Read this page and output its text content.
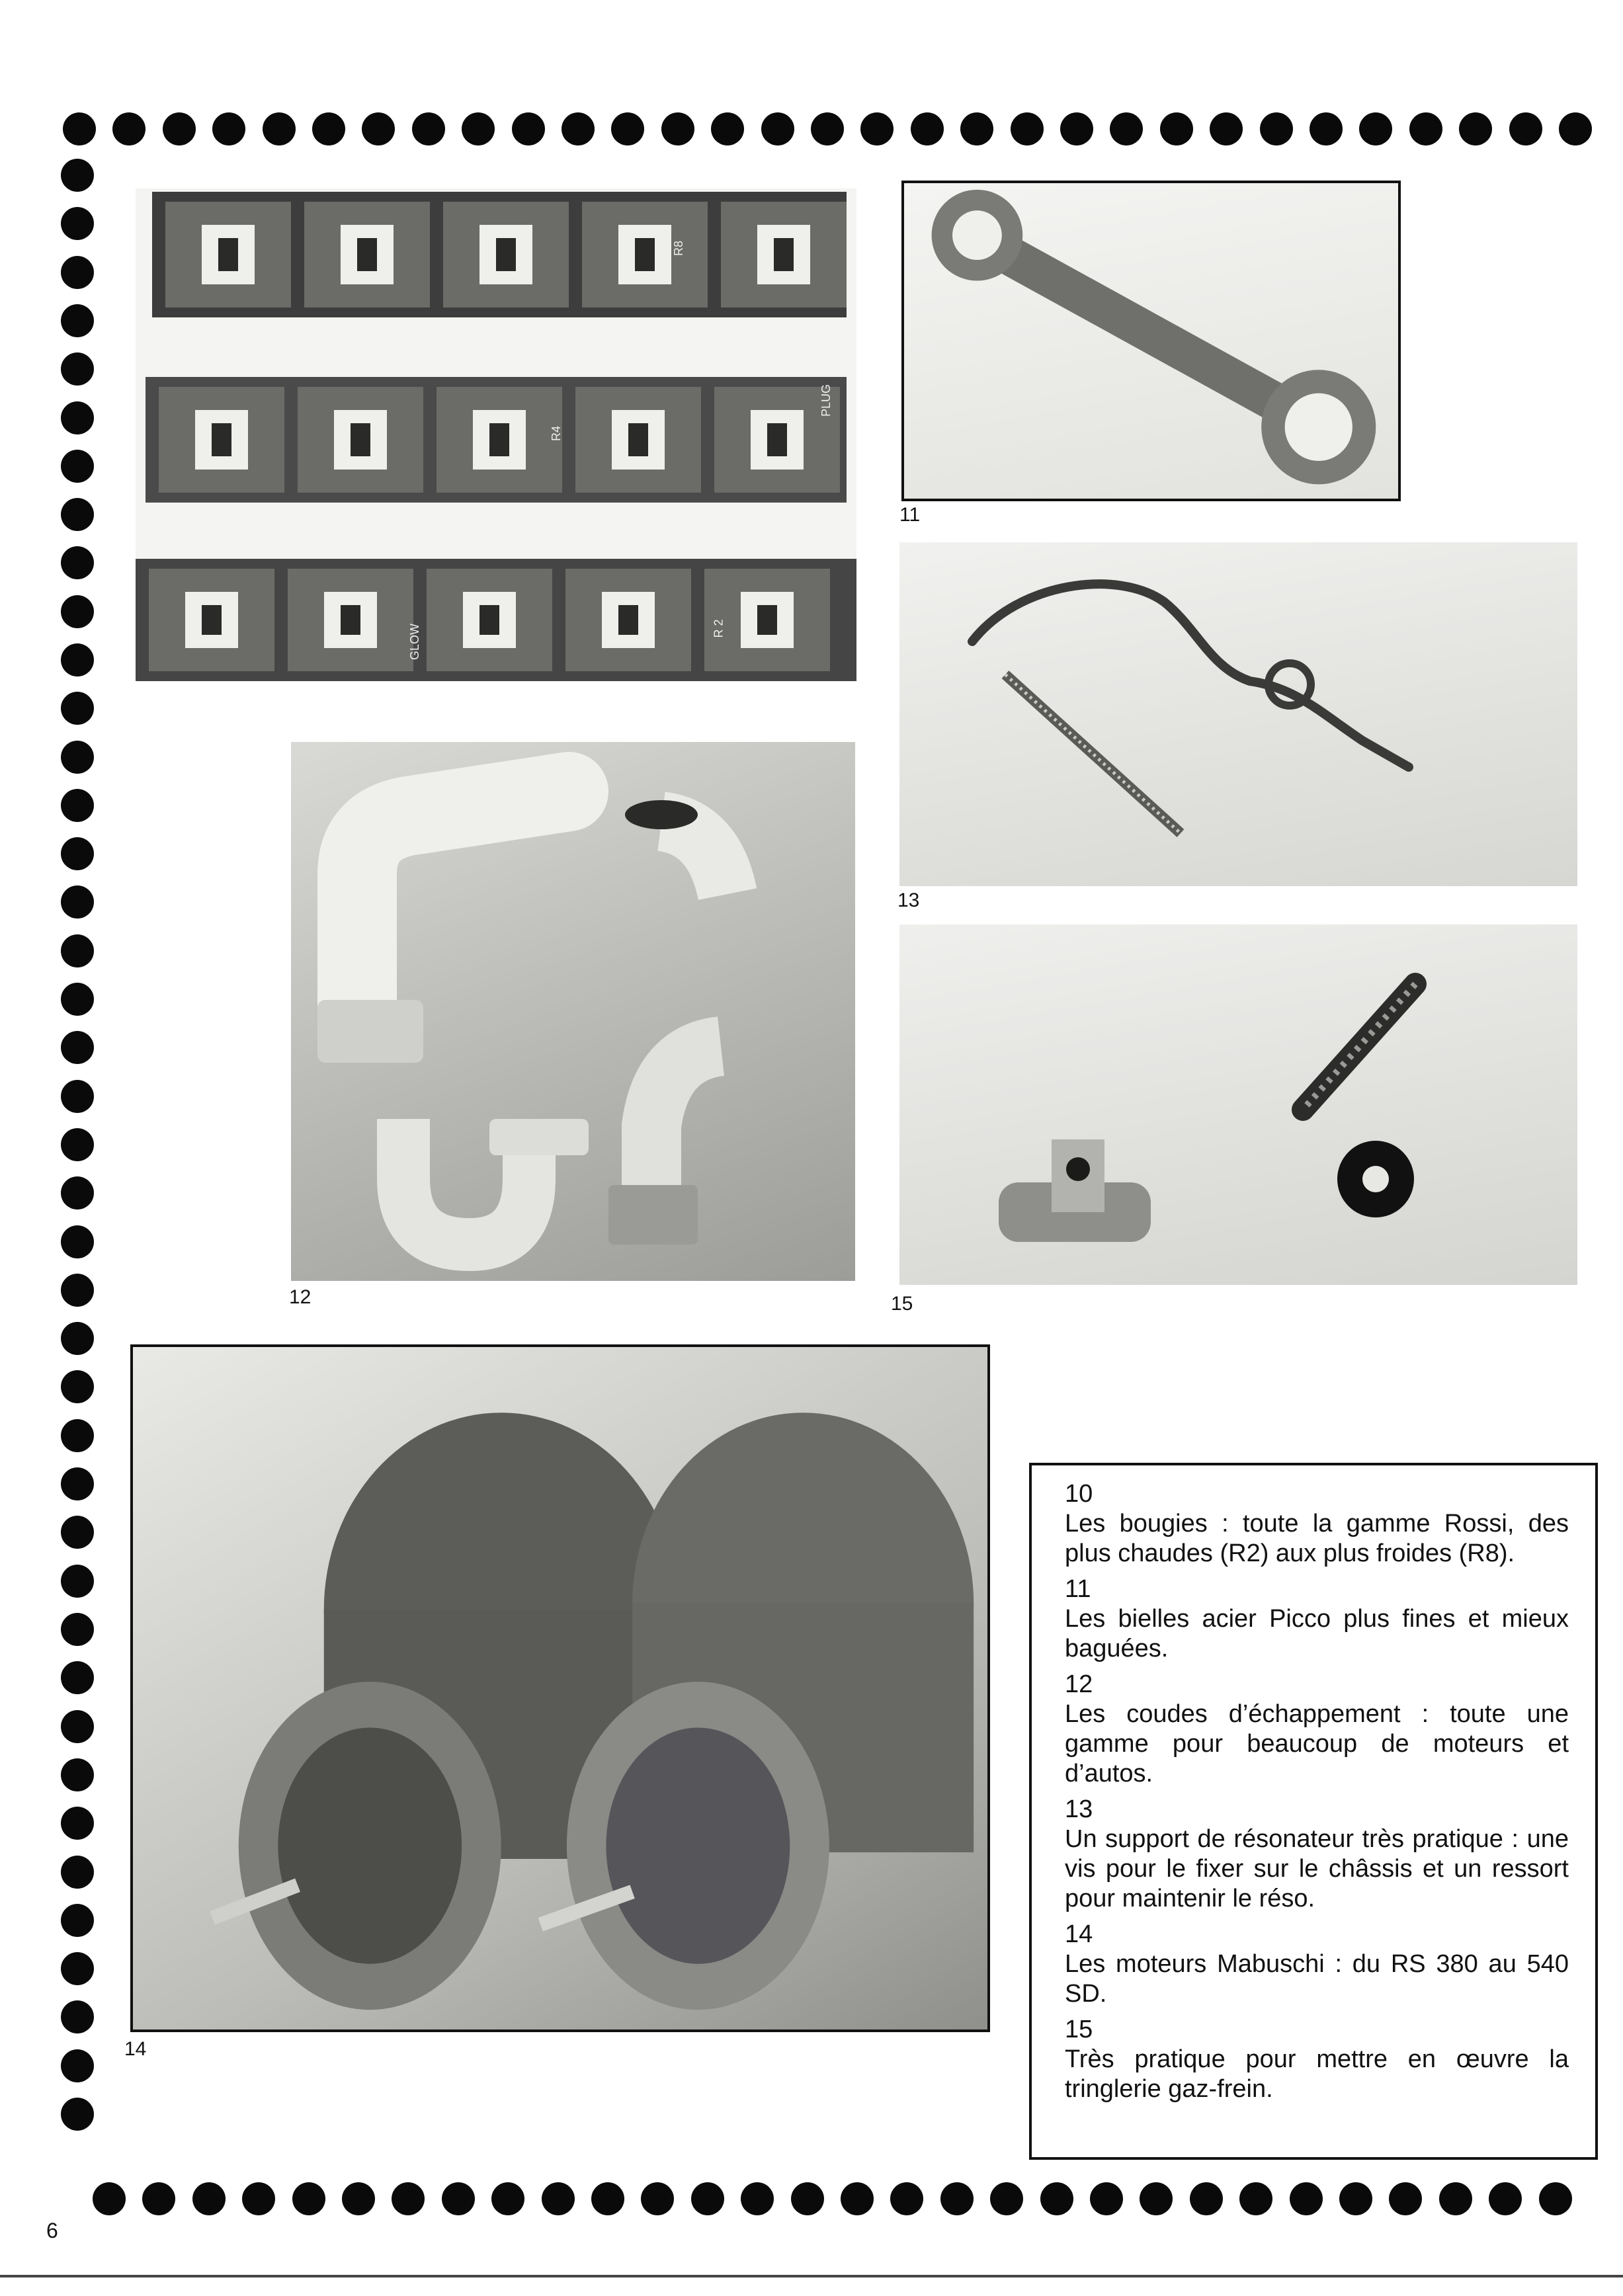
GLOW
PLUG
R 2
R4
R8
11
13
12	15
14
10
Les bougies : toute la gamme Rossi, des plus chaudes (R2) aux plus froides (R8).
11
Les bielles acier Picco plus fines et mieux baguées.
12
Les coudes d’échappement : toute une gamme pour beaucoup de moteurs et d’autos.
13
Un support de résonateur très pratique : une vis pour le fixer sur le châssis et un ressort pour maintenir le réso.
14
Les moteurs Mabuschi : du RS 380 au 540 SD.
15
Très pratique pour mettre en œuvre la tringlerie gaz-frein.
6
